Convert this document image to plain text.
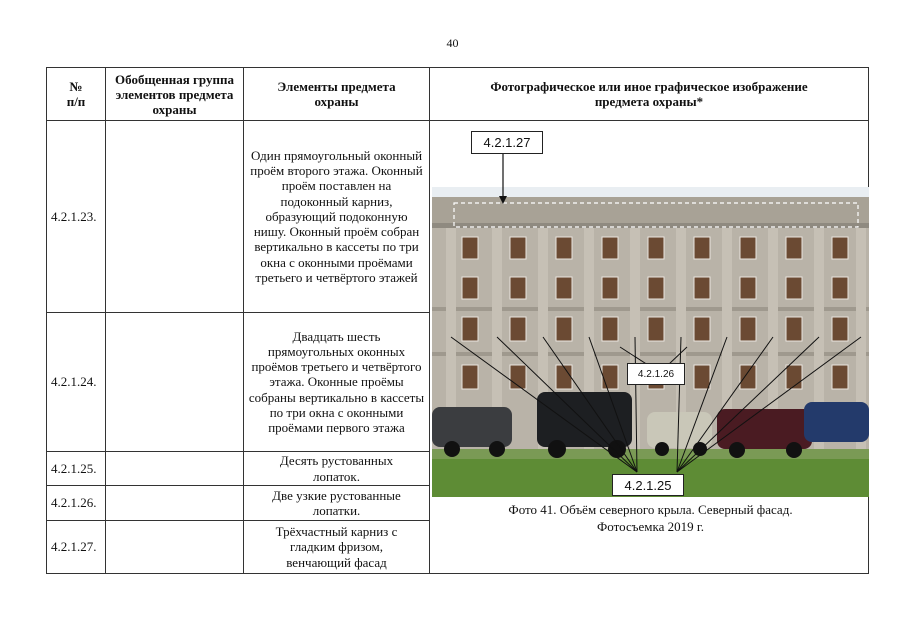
40
№
п/п
Обобщенная группа элементов предмета охраны
Элементы предмета охраны
Фотографическое или иное графическое изображение предмета охраны*
4.2.1.23.
Один прямоугольный оконный проём второго этажа. Оконный проём поставлен на подоконный карниз, образующий подоконную нишу. Оконный проём собран вертикально в кассеты по три окна с оконными проёмами третьего и четвёртого этажей
4.2.1.24.
Двадцать шесть прямоугольных оконных проёмов третьего и четвёртого этажа. Оконные проёмы собраны вертикально в кассеты по три окна с оконными проёмами первого этажа
4.2.1.25.	Десять рустованных лопаток.
4.2.1.26.	Две узкие рустованные лопатки.
4.2.1.27.
Трёхчастный карниз с гладким фризом, венчающий фасад
4.2.1.27
4.2.1.26
4.2.1.25
Фото 41. Объём северного крыла. Северный фасад.
Фотосъемка 2019 г.
